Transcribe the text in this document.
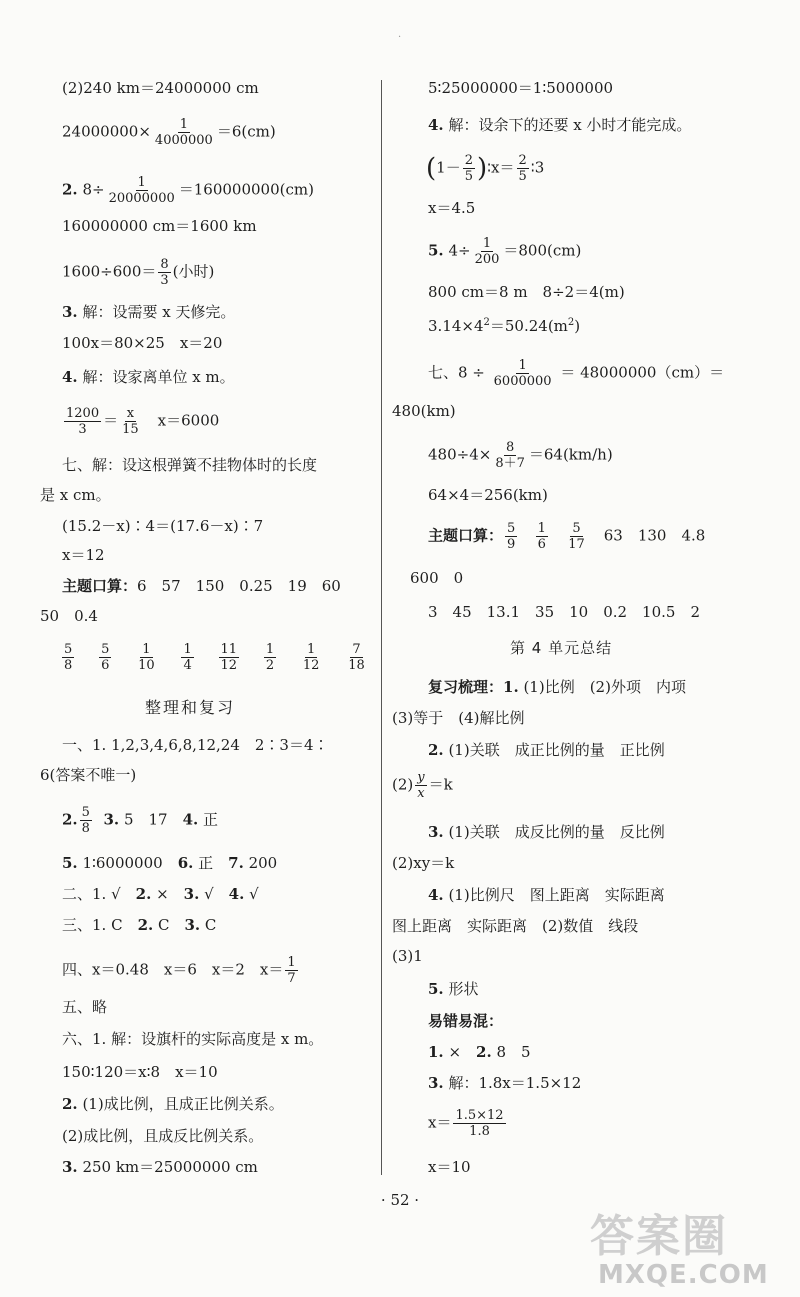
·
(2)240 km＝24000000 cm
$24000000\times \frac{1}{4000000} =6(cm)$
2. $8\div \frac{1}{20000000} =160000000(cm)$
160000000 cm＝1600 km
$1600\div 600= \frac{8}{3}$ (小时)
3. 解：设需要 x 天修完。
100x＝80×25　x＝20
4. 解：设家离单位 x m。
$\frac{1200}{3} = \frac{x}{15}$ 　x＝6000
七、解：设这根弹簧不挂物体时的长度
是 x cm。
(15.2－x)∶4＝(17.6－x)∶7
x＝12
主题口算：6　57　150　0.25　19　60
50　0.4
$\frac{5}{8}$
$\frac{5}{6}$
$\frac{1}{10}$
$\frac{1}{4}$
$\frac{11}{12}$
$\frac{1}{2}$
$\frac{1}{12}$
$\frac{7}{18}$
整理和复习
一、1. 1,2,3,4,6,8,12,24　2∶3＝4∶
6(答案不唯一)
2. $\frac{5}{8} 3$. 5　17　4. 正
5. 1∶6000000　6. 正　7. 200
二、1. √　2. ×　3. √　4. √
三、1. C　2. C　3. C
四、x＝0.48　x＝6　x＝2　$x= \frac{1}{7}$
五、略
六、1. 解：设旗杆的实际高度是 x m。
150∶120＝x∶8　x＝10
2. (1)成比例，且成正比例关系。
(2)成比例，且成反比例关系。
3. 250 km＝25000000 cm
5∶25000000＝1∶5000000
4. 解：设余下的还要 x 小时才能完成。
($1- \frac{2}{5}$ )∶x＝ $\frac{2}{5}$ ∶3
x＝4.5
5. $4\div \frac{1}{200} =800(cm)$
800 cm＝8 m　8÷2＝4(m)
$3.14\times 4^2=50.24(m^2)$
七、$8 \div \frac{1}{6000000} = 48000000(cm)=$
480(km)
$480\div 4\times \frac{8}{8+7} =64(km/h)$
64×4＝256(km)
主题口算： $\frac{5}{9}$
$\frac{1}{6}$
$\frac{5}{17}$ 　63　130　4.8
600　0
3　45　13.1　35　10　0.2　10.5　2
第 4 单元总结
复习梳理：1. (1)比例　(2)外项　内项
(3)等于　(4)解比例
2. (1)关联　成正比例的量　正比例
$(2) \frac{y}{x} =k$
3. (1)关联　成反比例的量　反比例
(2)xy＝k
4. (1)比例尺　图上距离　实际距离
图上距离　实际距离　(2)数值　线段
(3)1
5. 形状
易错易混：
1. ×　2. 8　5
3. 解：1.8x＝1.5×12
$x= \frac{1.5\times 12}{1.8}$
x＝10
· 52 ·
答案圈
MXQE.COM
